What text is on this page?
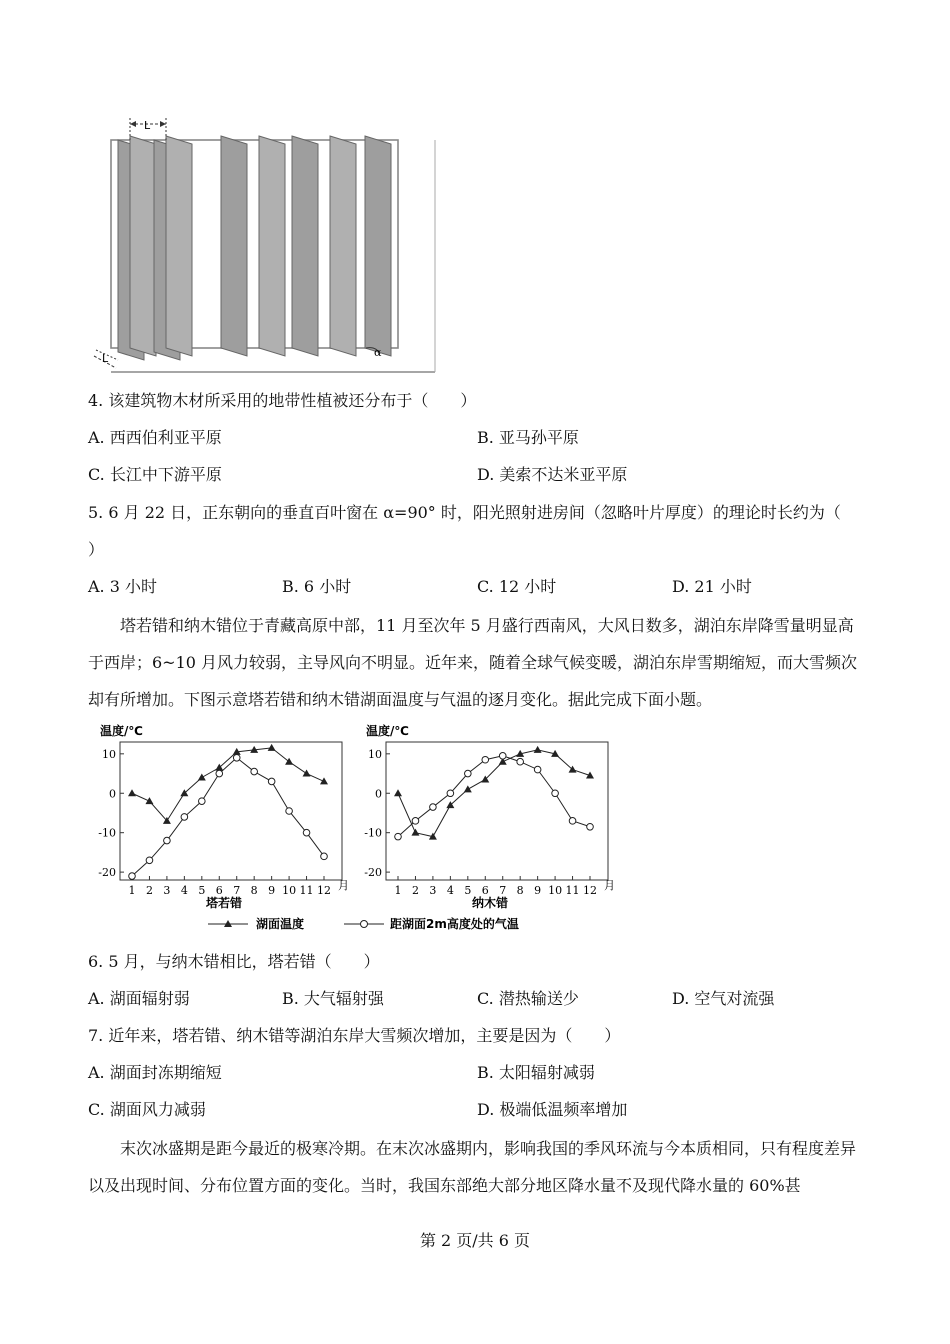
L
L	α
4. 该建筑物木材所采用的地带性植被还分布于（　　）
A. 西西伯利亚平原	B. 亚马孙平原
C. 长江中下游平原	D. 美索不达米亚平原
5. 6 月 22 日，正东朝向的垂直百叶窗在 α=90° 时，阳光照射进房间（忽略叶片厚度）的理论时长约为（
）
A. 3 小时	B. 6 小时	C. 12 小时	D. 21 小时
塔若错和纳木错位于青藏高原中部，11 月至次年 5 月盛行西南风，大风日数多，湖泊东岸降雪量明显高于西岸；6~10 月风力较弱，主导风向不明显。近年来，随着全球气候变暖，湖泊东岸雪期缩短，而大雪频次却有所增加。下图示意塔若错和纳木错湖面温度与气温的逐月变化。据此完成下面小题。
温度/℃
10
0
-10
-20
1 2 3 4 5 6 7 8 9 10 11 12 月
塔若错
温度/℃
10
0
-10
-20
1 2 3 4 5 6 7 8 9 10 11 12 月
纳木错
湖面温度	距湖面2m高度处的气温
6. 5 月，与纳木错相比，塔若错（　　）
A. 湖面辐射弱	B. 大气辐射强	C. 潜热输送少	D. 空气对流强
7. 近年来，塔若错、纳木错等湖泊东岸大雪频次增加，主要是因为（　　）
A. 湖面封冻期缩短	B. 太阳辐射减弱
C. 湖面风力减弱	D. 极端低温频率增加
末次冰盛期是距今最近的极寒冷期。在末次冰盛期内，影响我国的季风环流与今本质相同，只有程度差异以及出现时间、分布位置方面的变化。当时，我国东部绝大部分地区降水量不及现代降水量的 60%甚
第 2 页/共 6 页
